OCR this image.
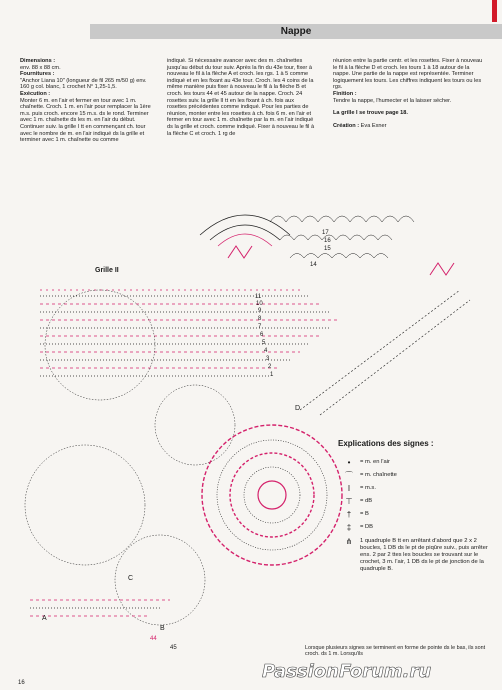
Nappe
Dimensions :
env. 88 x 88 cm.
Fournitures :
"Anchor Liana 10" (longueur de fil 265 m/50 g) env. 160 g col. blanc, 1 crochet N° 1,25-1,5.
Exécution :
Monter 6 m. en l'air et fermer en tour avec 1 m. chaînette. Croch. 1 m. en l'air pour remplacer la 1ère m.s. puis croch. encore 15 m.s. ds le rond. Terminer avec 1 m. chaînette ds les m. en l'air du début. Continuer suiv. la grille I tt en commençant ch. tour avec le nombre de m. en l'air indiqué ds la grille et terminer avec 1 m. chaînette ou comme
indiqué. Si nécessaire avancer avec des m. chaînettes jusqu'au début du tour suiv. Après la fin du 43e tour, fixer à nouveau le fil à la flèche A et croch. les rgs. 1 à 5 comme indiqué et en les fixant au 43e tour. Croch. les 4 coins de la même manière puis fixer à nouveau le fil à la flèche B et croch. les tours 44 et 45 autour de la nappe. Croch. 24 rosettes suiv. la grille II tt en les fixant à ch. fois aux rosettes précédentes comme indiqué. Pour les parties de réunion, monter entre les rosettes à ch. fois 6 m. en l'air et fermer en tour avec 1 m. chaînette par la m. en l'air indiqué ds la grille et croch. comme indiqué. Fixer à nouveau le fil à la flèche C et croch. 1 rg de
réunion entre la partie centr. et les rosettes. Fixer à nouveau le fil à la flèche D et croch. les tours 1 à 18 autour de la nappe. Une partie de la nappe est représentée. Terminer logiquement les tours. Les chiffres indiquent les tours ou les rgs.
Finition :
Tendre la nappe, l'humecter et la laisser sécher.
La grille I se trouve page 18.
Création : Eva Exner
17
16
15
14
11
10
9
8
7
6
5
4
3
2
1
D
C
A
B
44
45
Grille II
Explications des signes :
•	= m. en l'air
⌒	= m. chaînette
I	= m.s.
⊤	= dB
†	= B
‡	= DB
⋔	1 quadruple B tt en arrêtant d'abord que 2 x 2 boucles, 1 DB ds le pt de piqûre suiv., puis arrêter ens. 2 par 2 ttes les boucles se trouvant sur le crochet, 3 m. l'air, 1 DB ds le pt de jonction de la quadruple B.
Lorsque plusieurs signes se terminent en forme de pointe ds le bas, ils sont croch. ds 1 m. Lorsqu'ils
16
PassionForum.ru
